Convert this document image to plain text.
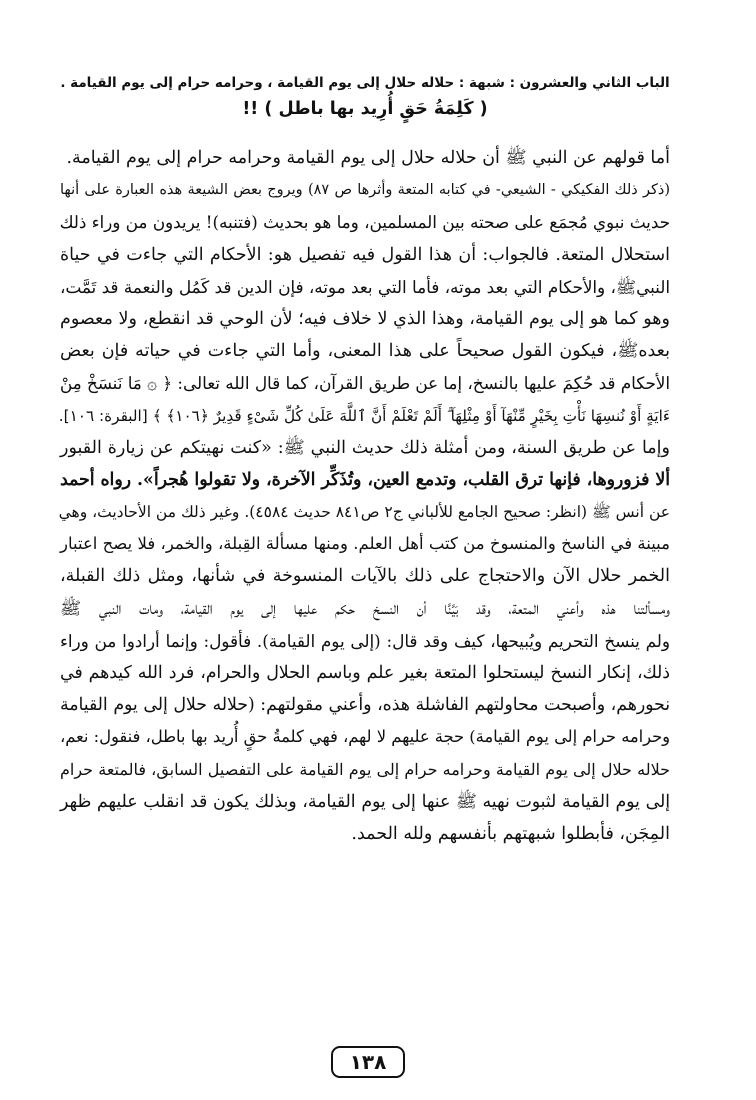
الباب الثاني والعشرون : شبهة : حلاله حلال إلى يوم القيامة ، وحرامه حرام إلى يوم القيامة .
( كَلِمَةُ حَقٍ أُرِيد بها باطل ) !!
أما قولهم عن النبي ﷺ أن حلاله حلال إلى يوم القيامة وحرامه حرام إلى يوم القيامة.
(ذكر ذلك الفكيكي - الشيعي- في كتابه المتعة وأثرها ص ٨٧) ويروج بعض الشيعة هذه العبارة على أنها
حديث نبوي مُجمَع على صحته بين المسلمين، وما هو بحديث (فتنبه)! يريدون من وراء ذلك
استحلال المتعة. فالجواب: أن هذا القول فيه تفصيل هو: الأحكام التي جاءت في حياة
النبيﷺ، والأحكام التي بعد موته، فأما التي بعد موته، فإن الدين قد كَمُل والنعمة قد تَمَّت،
وهو كما هو إلى يوم القيامة، وهذا الذي لا خلاف فيه؛ لأن الوحي قد انقطع، ولا معصوم
بعدهﷺ، فيكون القول صحيحاً على هذا المعنى، وأما التي جاءت في حياته فإن بعض
الأحكام قد حُكِمَ عليها بالنسخ، إما عن طريق القرآن، كما قال الله تعالى: ﴿ ۞ مَا نَنسَخْ مِنْ
ءَايَةٍ أَوْ نُنسِهَا نَأْتِ بِخَيْرٍ مِّنْهَآ أَوْ مِثْلِهَآ ۗ أَلَمْ تَعْلَمْ أَنَّ ٱللَّهَ عَلَىٰ كُلِّ شَىْءٍ قَدِيرٌ ﴿١٠٦﴾ ﴾ [البقرة: ١٠٦].
وإما عن طريق السنة، ومن أمثلة ذلك حديث النبي ﷺ: «كنت نهيتكم عن زيارة القبور
ألا فزوروها، فإنها ترق القلب، وتدمع العين، وتُذَكِّر الآخرة، ولا تقولوا هُجراً». رواه أحمد
عن أنس ﷺ (انظر: صحيح الجامع للألباني ج٢ ص٨٤١ حديث ٤٥٨٤). وغير ذلك من الأحاديث، وهي
مبينة في الناسخ والمنسوخ من كتب أهل العلم. ومنها مسألة القِبلة، والخمر، فلا يصح اعتبار
الخمر حلال الآن والاحتجاج على ذلك بالآيات المنسوخة في شأنها، ومثل ذلك القبلة،
ومسألتنا هذه وأعني المتعة، وقد بَيَّنَّا أن النسخ حكم عليها إلى يوم القيامة، ومات النبي ﷺ
ولم ينسخ التحريم ويُبيحها، كيف وقد قال: (إلى يوم القيامة). فأقول: وإنما أرادوا من وراء
ذلك، إنكار النسخ ليستحلوا المتعة بغير علم وباسم الحلال والحرام، فرد الله كيدهم في
نحورهم، وأصبحت محاولتهم الفاشلة هذه، وأعني مقولتهم: (حلاله حلال إلى يوم القيامة
وحرامه حرام إلى يوم القيامة) حجة عليهم لا لهم، فهي كلمةُ حقٍ أُريد بها باطل، فنقول: نعم،
حلاله حلال إلى يوم القيامة وحرامه حرام إلى يوم القيامة على التفصيل السابق، فالمتعة حرام
إلى يوم القيامة لثبوت نهيه ﷺ عنها إلى يوم القيامة، وبذلك يكون قد انقلب عليهم ظهر
المِجَن، فأبطلوا شبهتهم بأنفسهم ولله الحمد.
١٣٨
